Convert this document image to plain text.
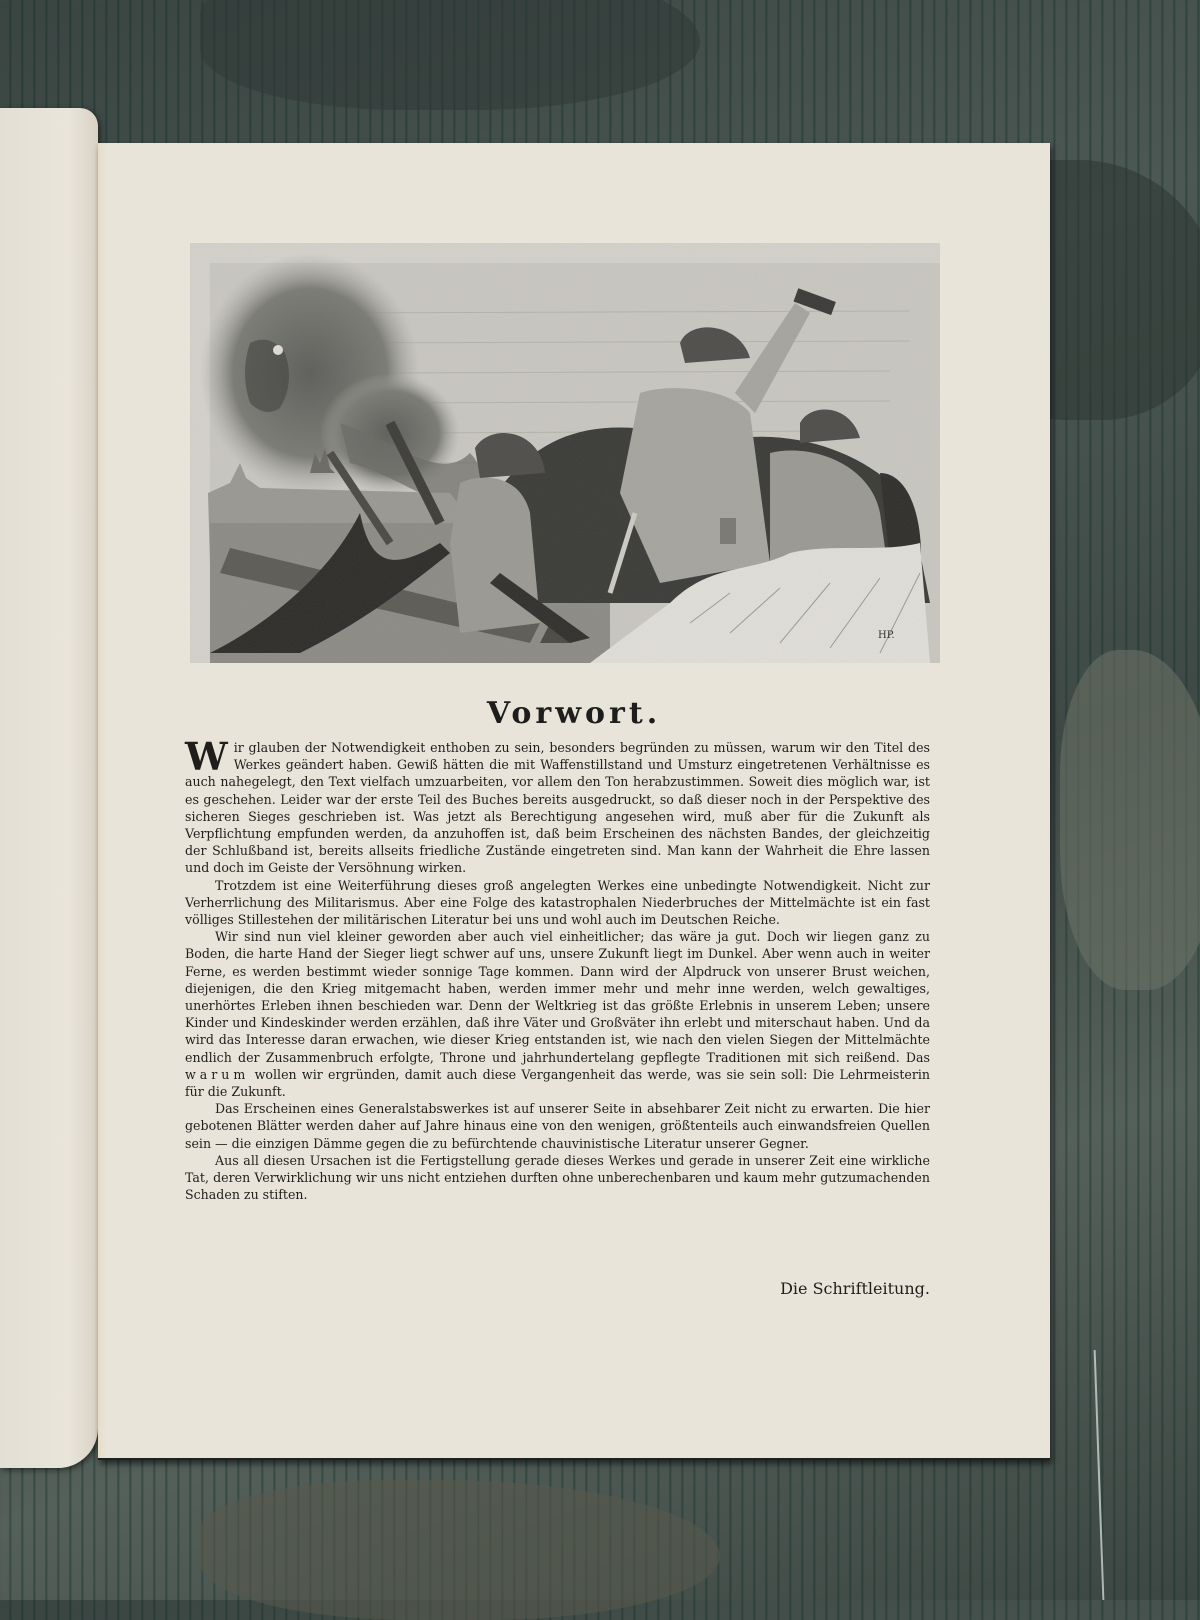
Vorwort.

Wir glauben der Notwendigkeit enthoben zu sein, besonders begründen zu müssen, warum wir den Titel des Werkes geändert haben. Gewiß hätten die mit Waffenstillstand und Umsturz eingetretenen Verhältnisse es auch nahegelegt, den Text vielfach umzuarbeiten, vor allem den Ton herabzustimmen. Soweit dies möglich war, ist es geschehen. Leider war der erste Teil des Buches bereits ausgedruckt, so daß dieser noch in der Perspektive des sicheren Sieges geschrieben ist. Was jetzt als Berechtigung angesehen wird, muß aber für die Zukunft als Verpflichtung empfunden werden, da anzuhoffen ist, daß beim Erscheinen des nächsten Bandes, der gleichzeitig der Schlußband ist, bereits allseits friedliche Zustände eingetreten sind. Man kann der Wahrheit die Ehre lassen und doch im Geiste der Versöhnung wirken.

Trotzdem ist eine Weiterführung dieses groß angelegten Werkes eine unbedingte Notwendigkeit. Nicht zur Verherrlichung des Militarismus. Aber eine Folge des katastrophalen Niederbruches der Mittelmächte ist ein fast völliges Stillestehen der militärischen Literatur bei uns und wohl auch im Deutschen Reiche.

Wir sind nun viel kleiner geworden aber auch viel einheitlicher; das wäre ja gut. Doch wir liegen ganz zu Boden, die harte Hand der Sieger liegt schwer auf uns, unsere Zukunft liegt im Dunkel. Aber wenn auch in weiter Ferne, es werden bestimmt wieder sonnige Tage kommen. Dann wird der Alpdruck von unserer Brust weichen, diejenigen, die den Krieg mitgemacht haben, werden immer mehr und mehr inne werden, welch gewaltiges, unerhörtes Erleben ihnen beschieden war. Denn der Weltkrieg ist das größte Erlebnis in unserem Leben; unsere Kinder und Kindeskinder werden erzählen, daß ihre Väter und Großväter ihn erlebt und miterschaut haben. Und da wird das Interesse daran erwachen, wie dieser Krieg entstanden ist, wie nach den vielen Siegen der Mittelmächte endlich der Zusammenbruch erfolgte, Throne und jahrhundertelang gepflegte Traditionen mit sich reißend. Das warum wollen wir ergründen, damit auch diese Vergangenheit das werde, was sie sein soll: Die Lehrmeisterin für die Zukunft.

Das Erscheinen eines Generalstabswerkes ist auf unserer Seite in absehbarer Zeit nicht zu erwarten. Die hier gebotenen Blätter werden daher auf Jahre hinaus eine von den wenigen, größtenteils auch einwandsfreien Quellen sein — die einzigen Dämme gegen die zu befürchtende chauvinistische Literatur unserer Gegner.

Aus all diesen Ursachen ist die Fertigstellung gerade dieses Werkes und gerade in unserer Zeit eine wirkliche Tat, deren Verwirklichung wir uns nicht entziehen durften ohne unberechenbaren und kaum mehr gutzumachenden Schaden zu stiften.

Die Schriftleitung.
